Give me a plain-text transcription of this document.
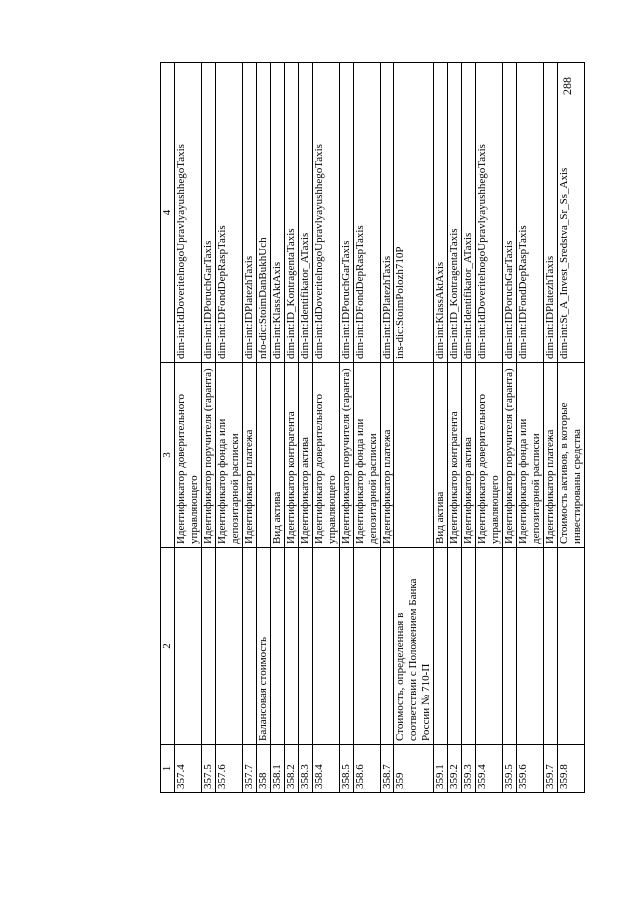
1	2	3	4
357.4		Идентификатор доверительного управляющего	dim-int:IdDoveritelnogoUpravlyayushhegoTaxis
357.5		Идентификатор поручителя (гаранта)	dim-int:IDPoruchGarTaxis
357.6		Идентификатор фонда или депозитарной расписки	dim-int:IDFondDepRaspTaxis
357.7		Идентификатор платежа	dim-int:IDPlatezhTaxis
358	Балансовая стоимость		nfo-dic:StoimDanBukhUch
358.1		Вид актива	dim-int:KlassAktAxis
358.2		Идентификатор контрагента	dim-int:ID_KontragentaTaxis
358.3		Идентификатор актива	dim-int:Identifikator_ATaxis
358.4		Идентификатор доверительного управляющего	dim-int:IdDoveritelnogoUpravlyayushhegoTaxis
358.5		Идентификатор поручителя (гаранта)	dim-int:IDPoruchGarTaxis
358.6		Идентификатор фонда или депозитарной расписки	dim-int:IDFondDepRaspTaxis
358.7		Идентификатор платежа	dim-int:IDPlatezhTaxis
359	Стоимость, определенная в соответствии с Положением Банка России № 710-П		ins-dic:StoimPolozh710P
359.1		Вид актива	dim-int:KlassAktAxis
359.2		Идентификатор контрагента	dim-int:ID_KontragentaTaxis
359.3		Идентификатор актива	dim-int:Identifikator_ATaxis
359.4		Идентификатор доверительного управляющего	dim-int:IdDoveritelnogoUpravlyayushhegoTaxis
359.5		Идентификатор поручителя (гаранта)	dim-int:IDPoruchGarTaxis
359.6		Идентификатор фонда или депозитарной расписки	dim-int:IDFondDepRaspTaxis
359.7		Идентификатор платежа	dim-int:IDPlatezhTaxis
359.8		Стоимость активов, в которые инвестированы средства	dim-int:St_A_Invest_Sredstva_Sr_Ss_Axis
288
